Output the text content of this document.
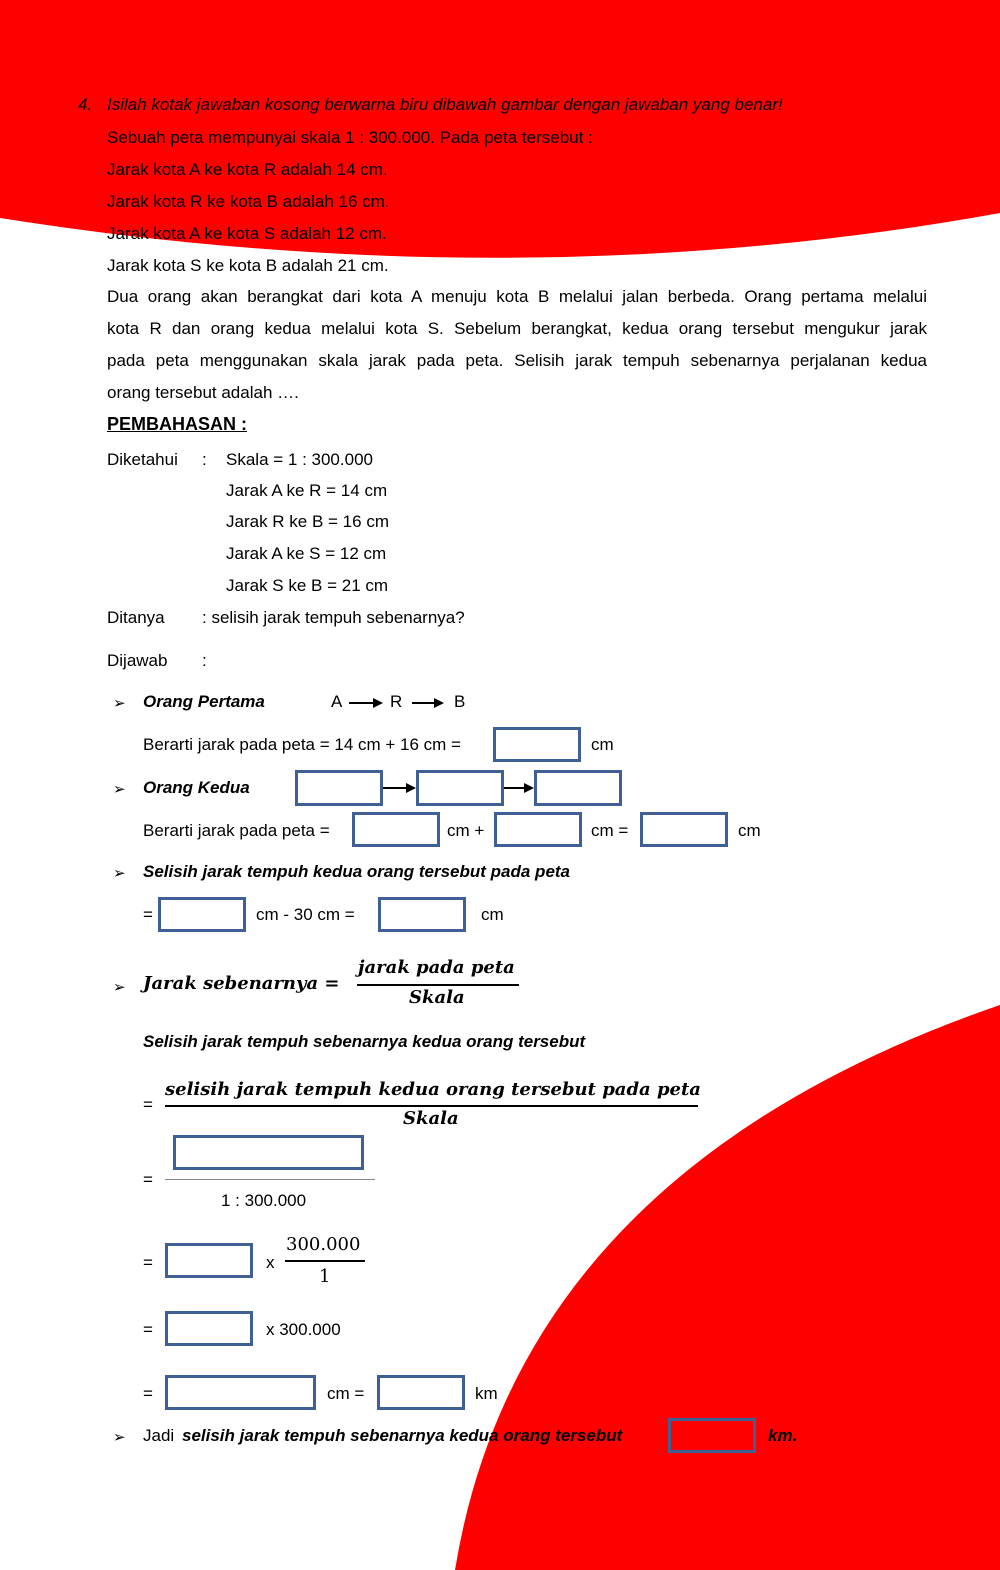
4. Isilah kotak jawaban kosong berwarna biru dibawah gambar dengan jawaban yang benar!
Sebuah peta mempunyai skala 1 : 300.000. Pada peta tersebut :
Jarak kota A ke kota R adalah 14 cm.
Jarak kota R ke kota B adalah 16 cm.
Jarak kota A ke kota S adalah 12 cm.
Jarak kota S ke kota B adalah 21 cm.
Dua orang akan berangkat dari kota A menuju kota B melalui jalan berbeda. Orang pertama melalui
kota R dan orang kedua melalui kota S. Sebelum berangkat, kedua orang tersebut mengukur jarak
pada peta menggunakan skala jarak pada peta. Selisih jarak tempuh sebenarnya perjalanan kedua
orang tersebut adalah ….
PEMBAHASAN :
Diketahui : Skala = 1 : 300.000
Jarak A ke R = 14 cm
Jarak R ke B = 16 cm
Jarak A ke S = 12 cm
Jarak S ke B = 21 cm
Ditanya : selisih jarak tempuh sebenarnya?
Dijawab :
➢ Orang Pertama	A	R	B
Berarti jarak pada peta = 14 cm + 16 cm =	cm
➢ Orang Kedua
Berarti jarak pada peta =	cm +	cm =	cm
➢ Selisih jarak tempuh kedua orang tersebut pada peta
=	cm - 30 cm =	cm
➢ Jarak sebenarnya =
jarak pada peta
Skala
Selisih jarak tempuh sebenarnya kedua orang tersebut
=
selisih jarak tempuh kedua orang tersebut pada peta
Skala
=
1 : 300.000
=	x
300.000
1
=	x 300.000
=	cm =	km
➢ Jadi selisih jarak tempuh sebenarnya kedua orang tersebut	km.
